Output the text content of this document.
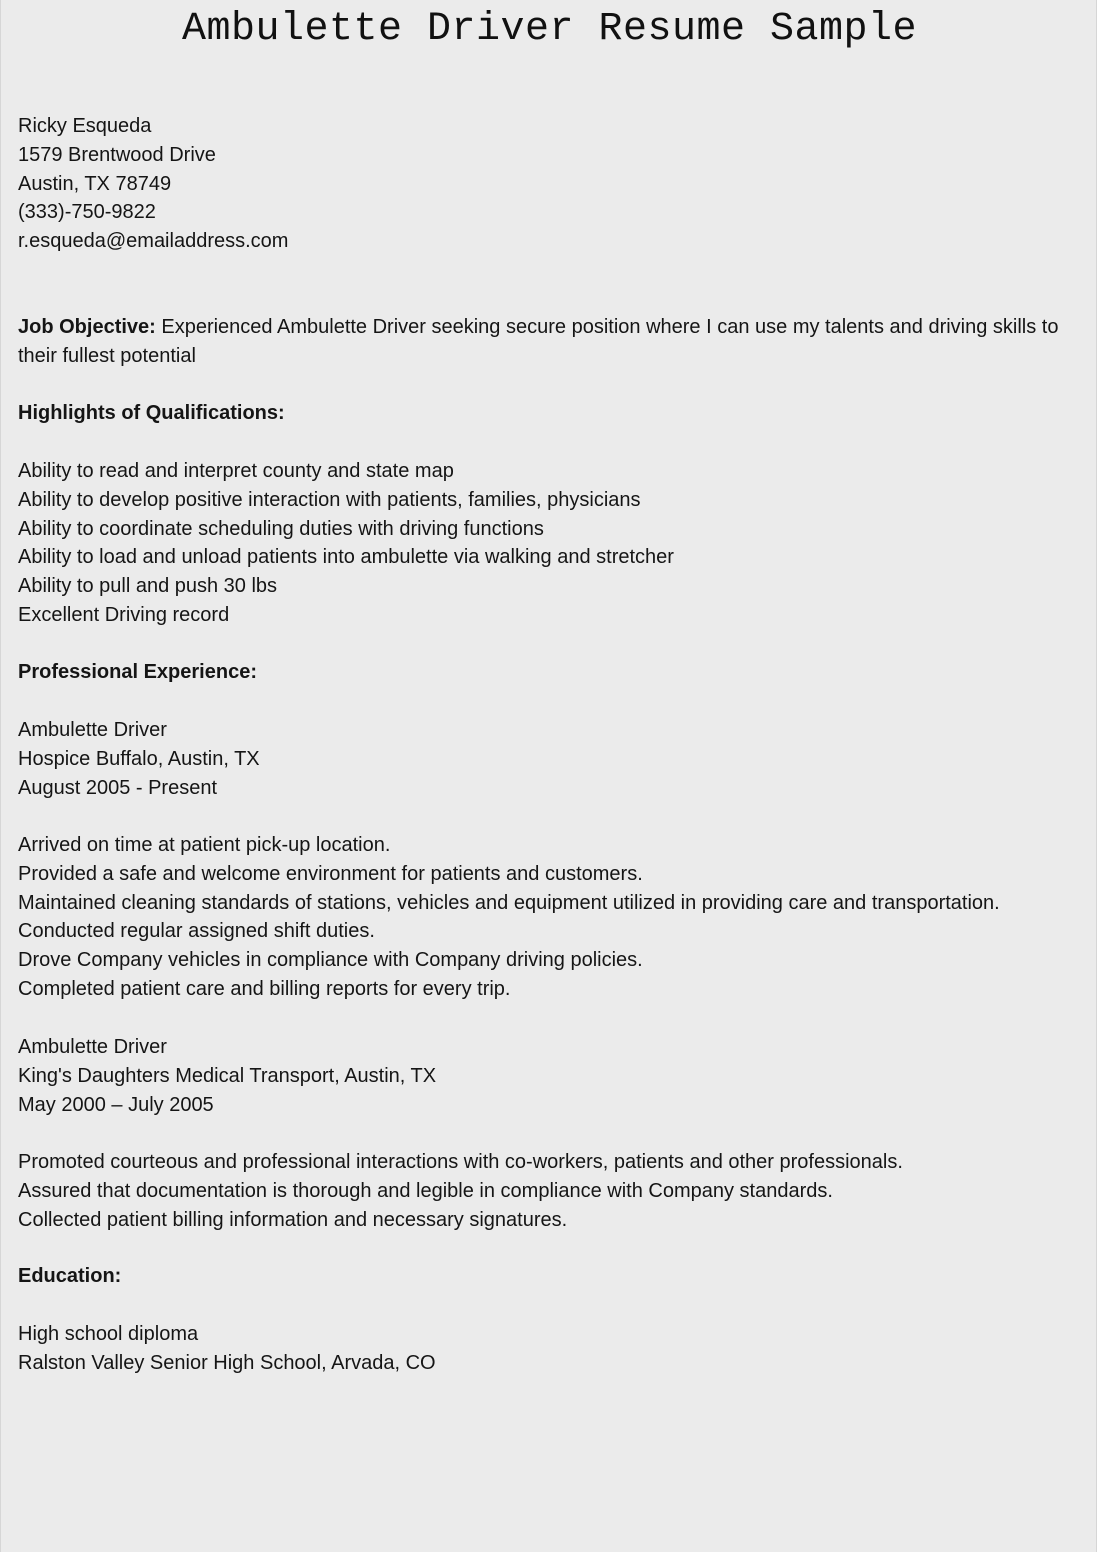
Ambulette Driver Resume Sample
Ricky Esqueda
1579 Brentwood Drive
Austin, TX 78749
(333)-750-9822
r.esqueda@emailaddress.com

Job Objective: Experienced Ambulette Driver seeking secure position where I can use my talents and driving skills to their fullest potential

Highlights of Qualifications:
Ability to read and interpret county and state map
Ability to develop positive interaction with patients, families, physicians
Ability to coordinate scheduling duties with driving functions
Ability to load and unload patients into ambulette via walking and stretcher
Ability to pull and push 30 lbs
Excellent Driving record
Professional Experience:
Ambulette Driver
Hospice Buffalo, Austin, TX
August 2005 - Present
Arrived on time at patient pick-up location.
Provided a safe and welcome environment for patients and customers.
Maintained cleaning standards of stations, vehicles and equipment utilized in providing care and transportation.
Conducted regular assigned shift duties.
Drove Company vehicles in compliance with Company driving policies.
Completed patient care and billing reports for every trip.
Ambulette Driver
King's Daughters Medical Transport, Austin, TX
May 2000 – July 2005
Promoted courteous and professional interactions with co-workers, patients and other professionals.
Assured that documentation is thorough and legible in compliance with Company standards.
Collected patient billing information and necessary signatures.
Education:
High school diploma
Ralston Valley Senior High School, Arvada, CO
